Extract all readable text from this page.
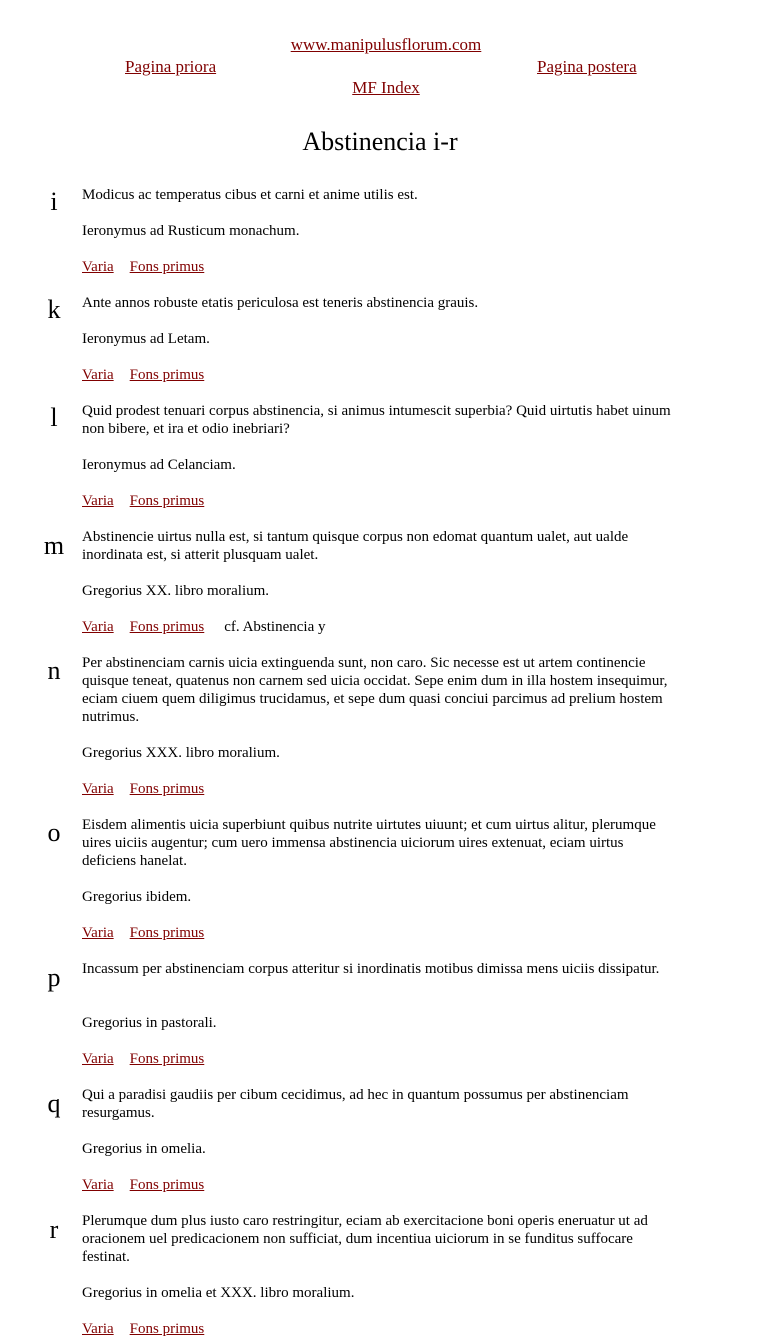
www.manipulusflorum.com
Pagina priora	Pagina postera
MF Index
Abstinencia i-r
i	Modicus ac temperatus cibus et carni et anime utilis est.

Ieronymus ad Rusticum monachum.

Varia Fons primus
k	Ante annos robuste etatis periculosa est teneris abstinencia grauis.

Ieronymus ad Letam.

Varia Fons primus
l	Quid prodest tenuari corpus abstinencia, si animus intumescit superbia? Quid uirtutis habet uinum non bibere, et ira et odio inebriari?

Ieronymus ad Celanciam.

Varia Fons primus
m Abstinencie uirtus nulla est, si tantum quisque corpus non edomat quantum ualet, aut ualde inordinata est, si atterit plusquam ualet.

Gregorius XX. libro moralium.

Varia Fons primus cf. Abstinencia y
n	Per abstinenciam carnis uicia extinguenda sunt, non caro. Sic necesse est ut artem continencie quisque teneat, quatenus non carnem sed uicia occidat. Sepe enim dum in illa hostem insequimur, eciam ciuem quem diligimus trucidamus, et sepe dum quasi conciui parcimus ad prelium hostem nutrimus.

Gregorius XXX. libro moralium.

Varia Fons primus
o	Eisdem alimentis uicia superbiunt quibus nutrite uirtutes uiuunt; et cum uirtus alitur, plerumque uires uiciis augentur; cum uero immensa abstinencia uiciorum uires extenuat, eciam uirtus deficiens hanelat.

Gregorius ibidem.

Varia Fons primus
p	Incassum per abstinenciam corpus atteritur si inordinatis motibus dimissa mens uiciis dissipatur.

Gregorius in pastorali.

Varia Fons primus
q	Qui a paradisi gaudiis per cibum cecidimus, ad hec in quantum possumus per abstinenciam resurgamus.

Gregorius in omelia.

Varia Fons primus
r	Plerumque dum plus iusto caro restringitur, eciam ab exercitacione boni operis eneruatur ut ad oracionem uel predicacionem non sufficiat, dum incentiua uiciorum in se funditus suffocare festinat.

Gregorius in omelia et XXX. libro moralium.

Varia Fons primus
